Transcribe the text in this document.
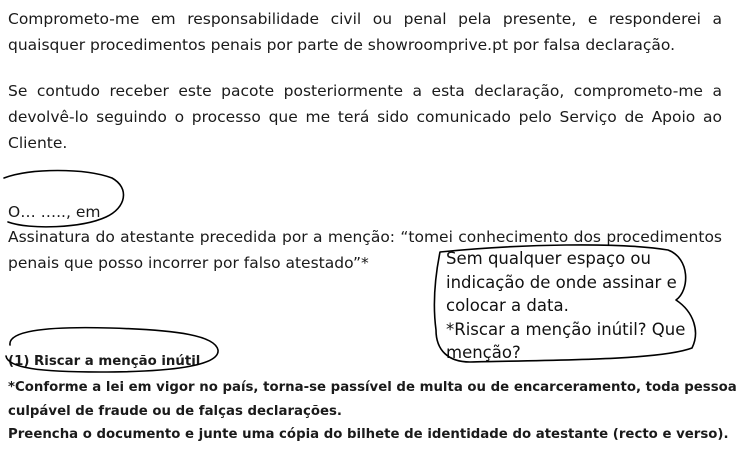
Comprometo-me em responsabilidade civil ou penal pela presente, e responderei a quaisquer procedimentos penais por parte de showroomprive.pt por falsa declaração.
Se contudo receber este pacote posteriormente a esta declaração, comprometo-me a devolvê-lo seguindo o processo que me terá sido comunicado pelo Serviço de Apoio ao Cliente.
O… ….., em
Assinatura do atestante precedida por a menção: “tomei conhecimento dos procedimentos penais que posso incorrer por falso atestado”*	Sem qualquer espaço ou
indicação de onde assinar e
colocar a data.
*Riscar a menção inútil? Que
menção?
(1) Riscar a menção inútil
*Conforme a lei em vigor no país, torna-se passível de multa ou de encarceramento, toda pessoa culpável de fraude ou de falças declarações.
Preencha o documento e junte uma cópia do bilhete de identidade do atestante (recto e verso).
